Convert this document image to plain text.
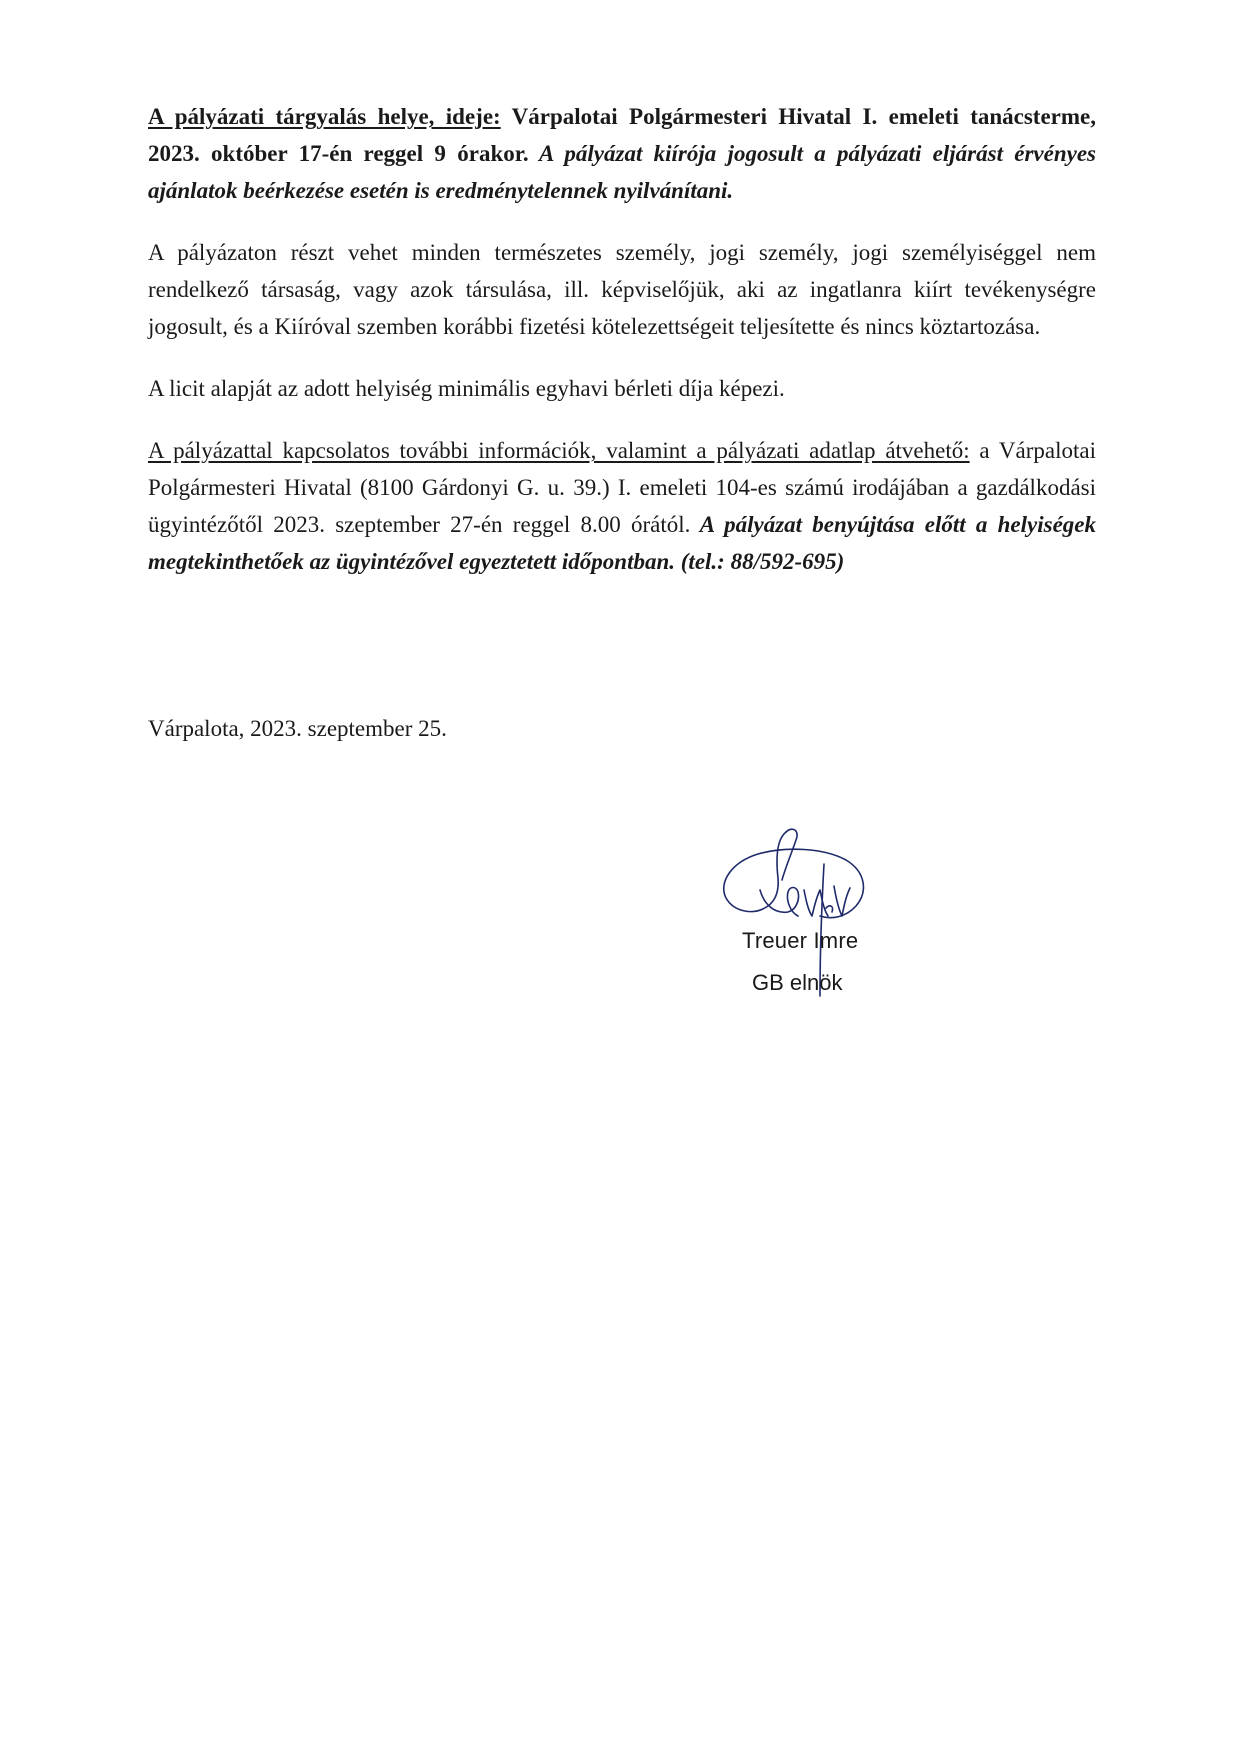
A pályázati tárgyalás helye, ideje: Várpalotai Polgármesteri Hivatal I. emeleti tanácsterme, 2023. október 17-én reggel 9 órakor. A pályázat kiírója jogosult a pályázati eljárást érvényes ajánlatok beérkezése esetén is eredménytelennek nyilvánítani.

A pályázaton részt vehet minden természetes személy, jogi személy, jogi személyiséggel nem rendelkező társaság, vagy azok társulása, ill. képviselőjük, aki az ingatlanra kiírt tevékenységre jogosult, és a Kiíróval szemben korábbi fizetési kötelezettségeit teljesítette és nincs köztartozása.

A licit alapját az adott helyiség minimális egyhavi bérleti díja képezi.

A pályázattal kapcsolatos további információk, valamint a pályázati adatlap átvehető: a Várpalotai Polgármesteri Hivatal (8100 Gárdonyi G. u. 39.) I. emeleti 104-es számú irodájában a gazdálkodási ügyintézőtől 2023. szeptember 27-én reggel 8.00 órától. A pályázat benyújtása előtt a helyiségek megtekinthetőek az ügyintézővel egyeztetett időpontban. (tel.: 88/592-695)

Várpalota, 2023. szeptember 25.
Treuer Imre
GB elnök
